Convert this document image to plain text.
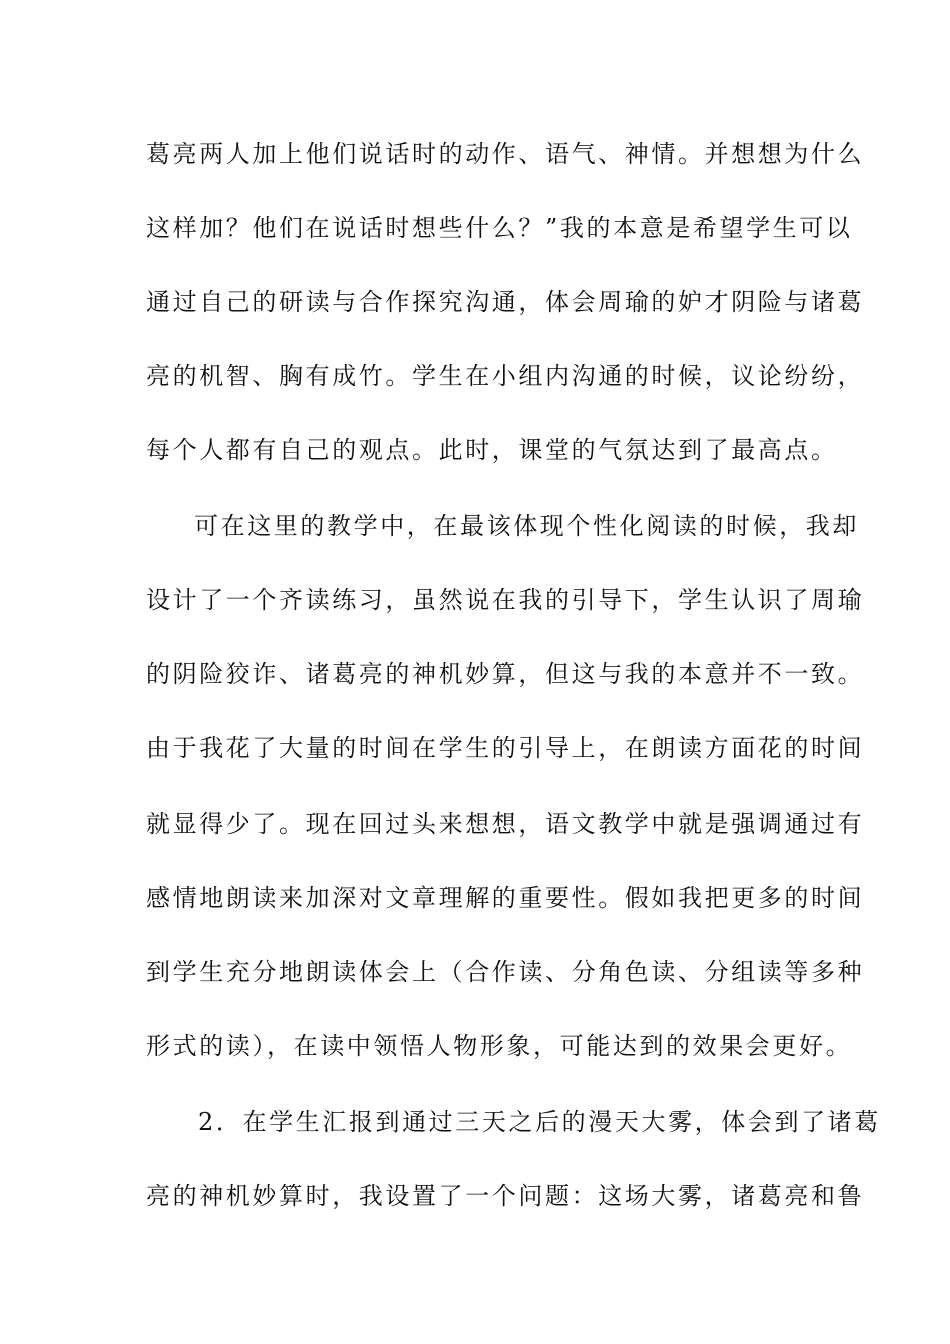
葛亮两人加上他们说话时的动作、语气、神情。并想想为什么
这样加？他们在说话时想些什么？”我的本意是希望学生可以
通过自己的研读与合作探究沟通，体会周瑜的妒才阴险与诸葛
亮的机智、胸有成竹。学生在小组内沟通的时候，议论纷纷，
每个人都有自己的观点。此时，课堂的气氛达到了最高点。
可在这里的教学中，在最该体现个性化阅读的时候，我却
设计了一个齐读练习，虽然说在我的引导下，学生认识了周瑜
的阴险狡诈、诸葛亮的神机妙算，但这与我的本意并不一致。
由于我花了大量的时间在学生的引导上，在朗读方面花的时间
就显得少了。现在回过头来想想，语文教学中就是强调通过有
感情地朗读来加深对文章理解的重要性。假如我把更多的时间
到学生充分地朗读体会上（合作读、分角色读、分组读等多种
形式的读），在读中领悟人物形象，可能达到的效果会更好。
2．在学生汇报到通过三天之后的漫天大雾，体会到了诸葛
亮的神机妙算时，我设置了一个问题：这场大雾，诸葛亮和鲁
